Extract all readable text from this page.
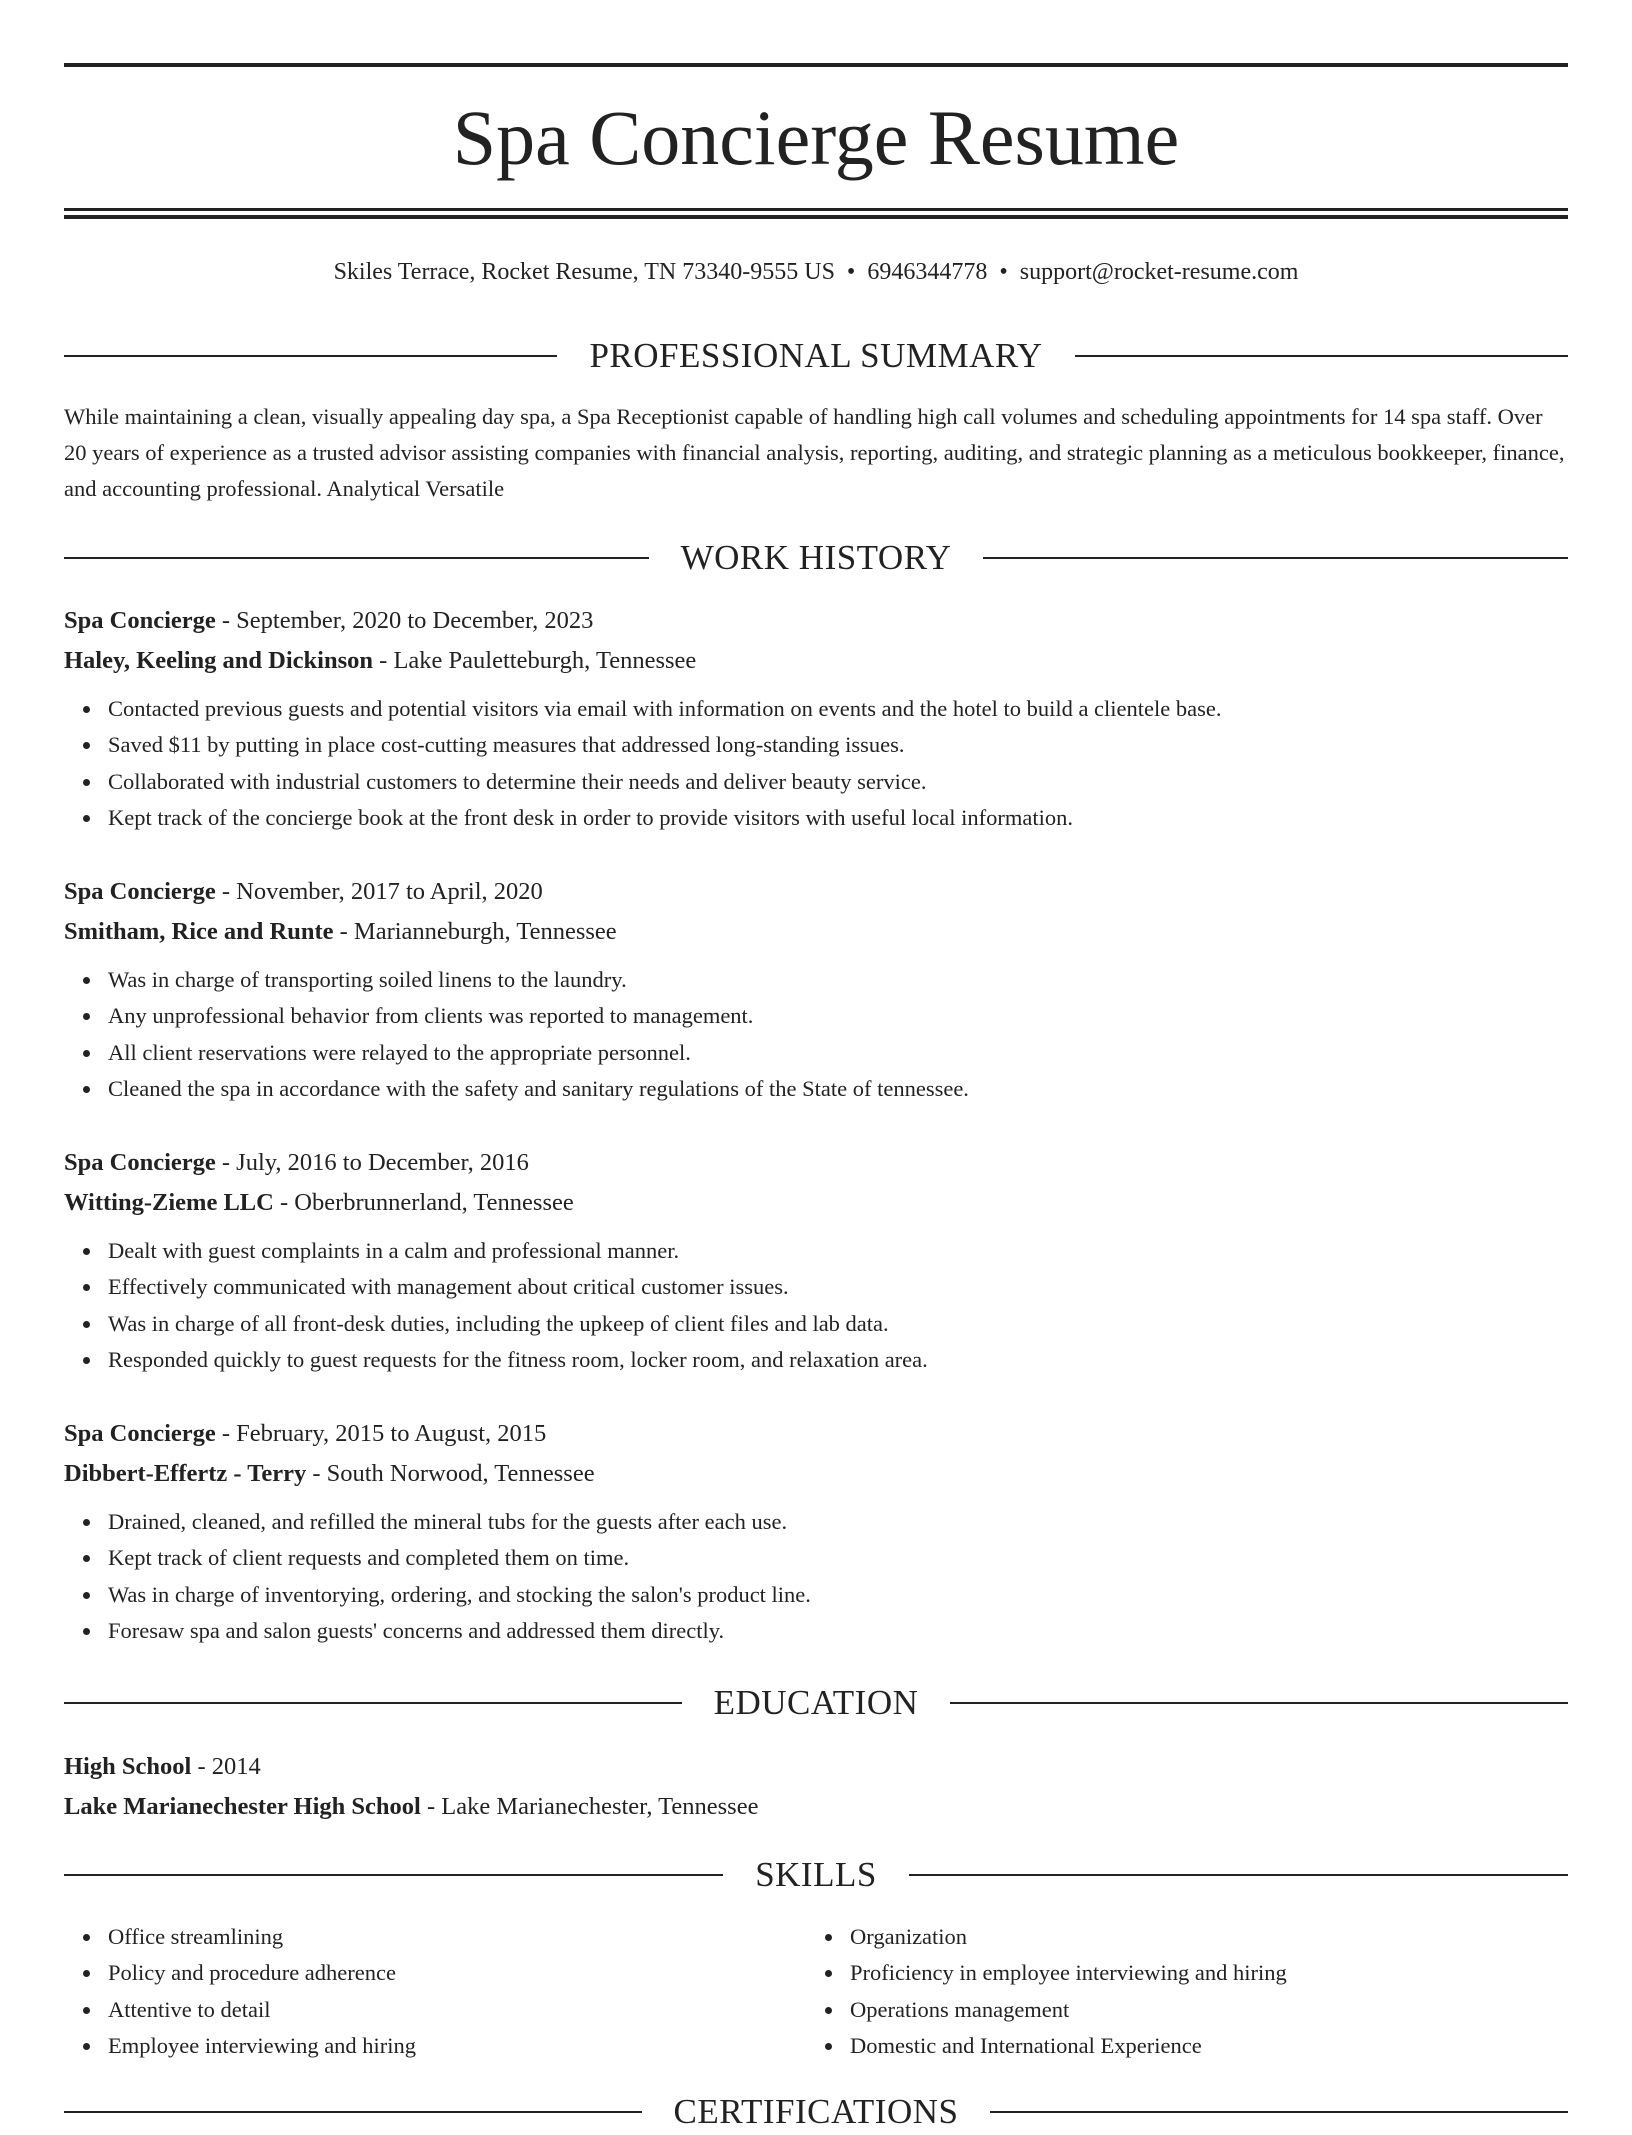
Spa Concierge Resume
Skiles Terrace, Rocket Resume, TN 73340-9555 US • 6946344778 • support@rocket-resume.com
PROFESSIONAL SUMMARY

While maintaining a clean, visually appealing day spa, a Spa Receptionist capable of handling high call volumes and scheduling appointments for 14 spa staff. Over 20 years of experience as a trusted advisor assisting companies with financial analysis, reporting, auditing, and strategic planning as a meticulous bookkeeper, finance, and accounting professional. Analytical Versatile

WORK HISTORY
Spa Concierge - September, 2020 to December, 2023
Haley, Keeling and Dickinson - Lake Pauletteburgh, Tennessee
Contacted previous guests and potential visitors via email with information on events and the hotel to build a clientele base.
Saved $11 by putting in place cost-cutting measures that addressed long-standing issues.
Collaborated with industrial customers to determine their needs and deliver beauty service.
Kept track of the concierge book at the front desk in order to provide visitors with useful local information.
Spa Concierge - November, 2017 to April, 2020
Smitham, Rice and Runte - Marianneburgh, Tennessee
Was in charge of transporting soiled linens to the laundry.
Any unprofessional behavior from clients was reported to management.
All client reservations were relayed to the appropriate personnel.
Cleaned the spa in accordance with the safety and sanitary regulations of the State of tennessee.
Spa Concierge - July, 2016 to December, 2016
Witting-Zieme LLC - Oberbrunnerland, Tennessee
Dealt with guest complaints in a calm and professional manner.
Effectively communicated with management about critical customer issues.
Was in charge of all front-desk duties, including the upkeep of client files and lab data.
Responded quickly to guest requests for the fitness room, locker room, and relaxation area.
Spa Concierge - February, 2015 to August, 2015
Dibbert-Effertz - Terry - South Norwood, Tennessee
Drained, cleaned, and refilled the mineral tubs for the guests after each use.
Kept track of client requests and completed them on time.
Was in charge of inventorying, ordering, and stocking the salon's product line.
Foresaw spa and salon guests' concerns and addressed them directly.
EDUCATION
High School - 2014
Lake Marianechester High School - Lake Marianechester, Tennessee
SKILLS
Office streamlining
Policy and procedure adherence
Attentive to detail
Employee interviewing and hiring
Organization
Proficiency in employee interviewing and hiring
Operations management
Domestic and International Experience
CERTIFICATIONS
